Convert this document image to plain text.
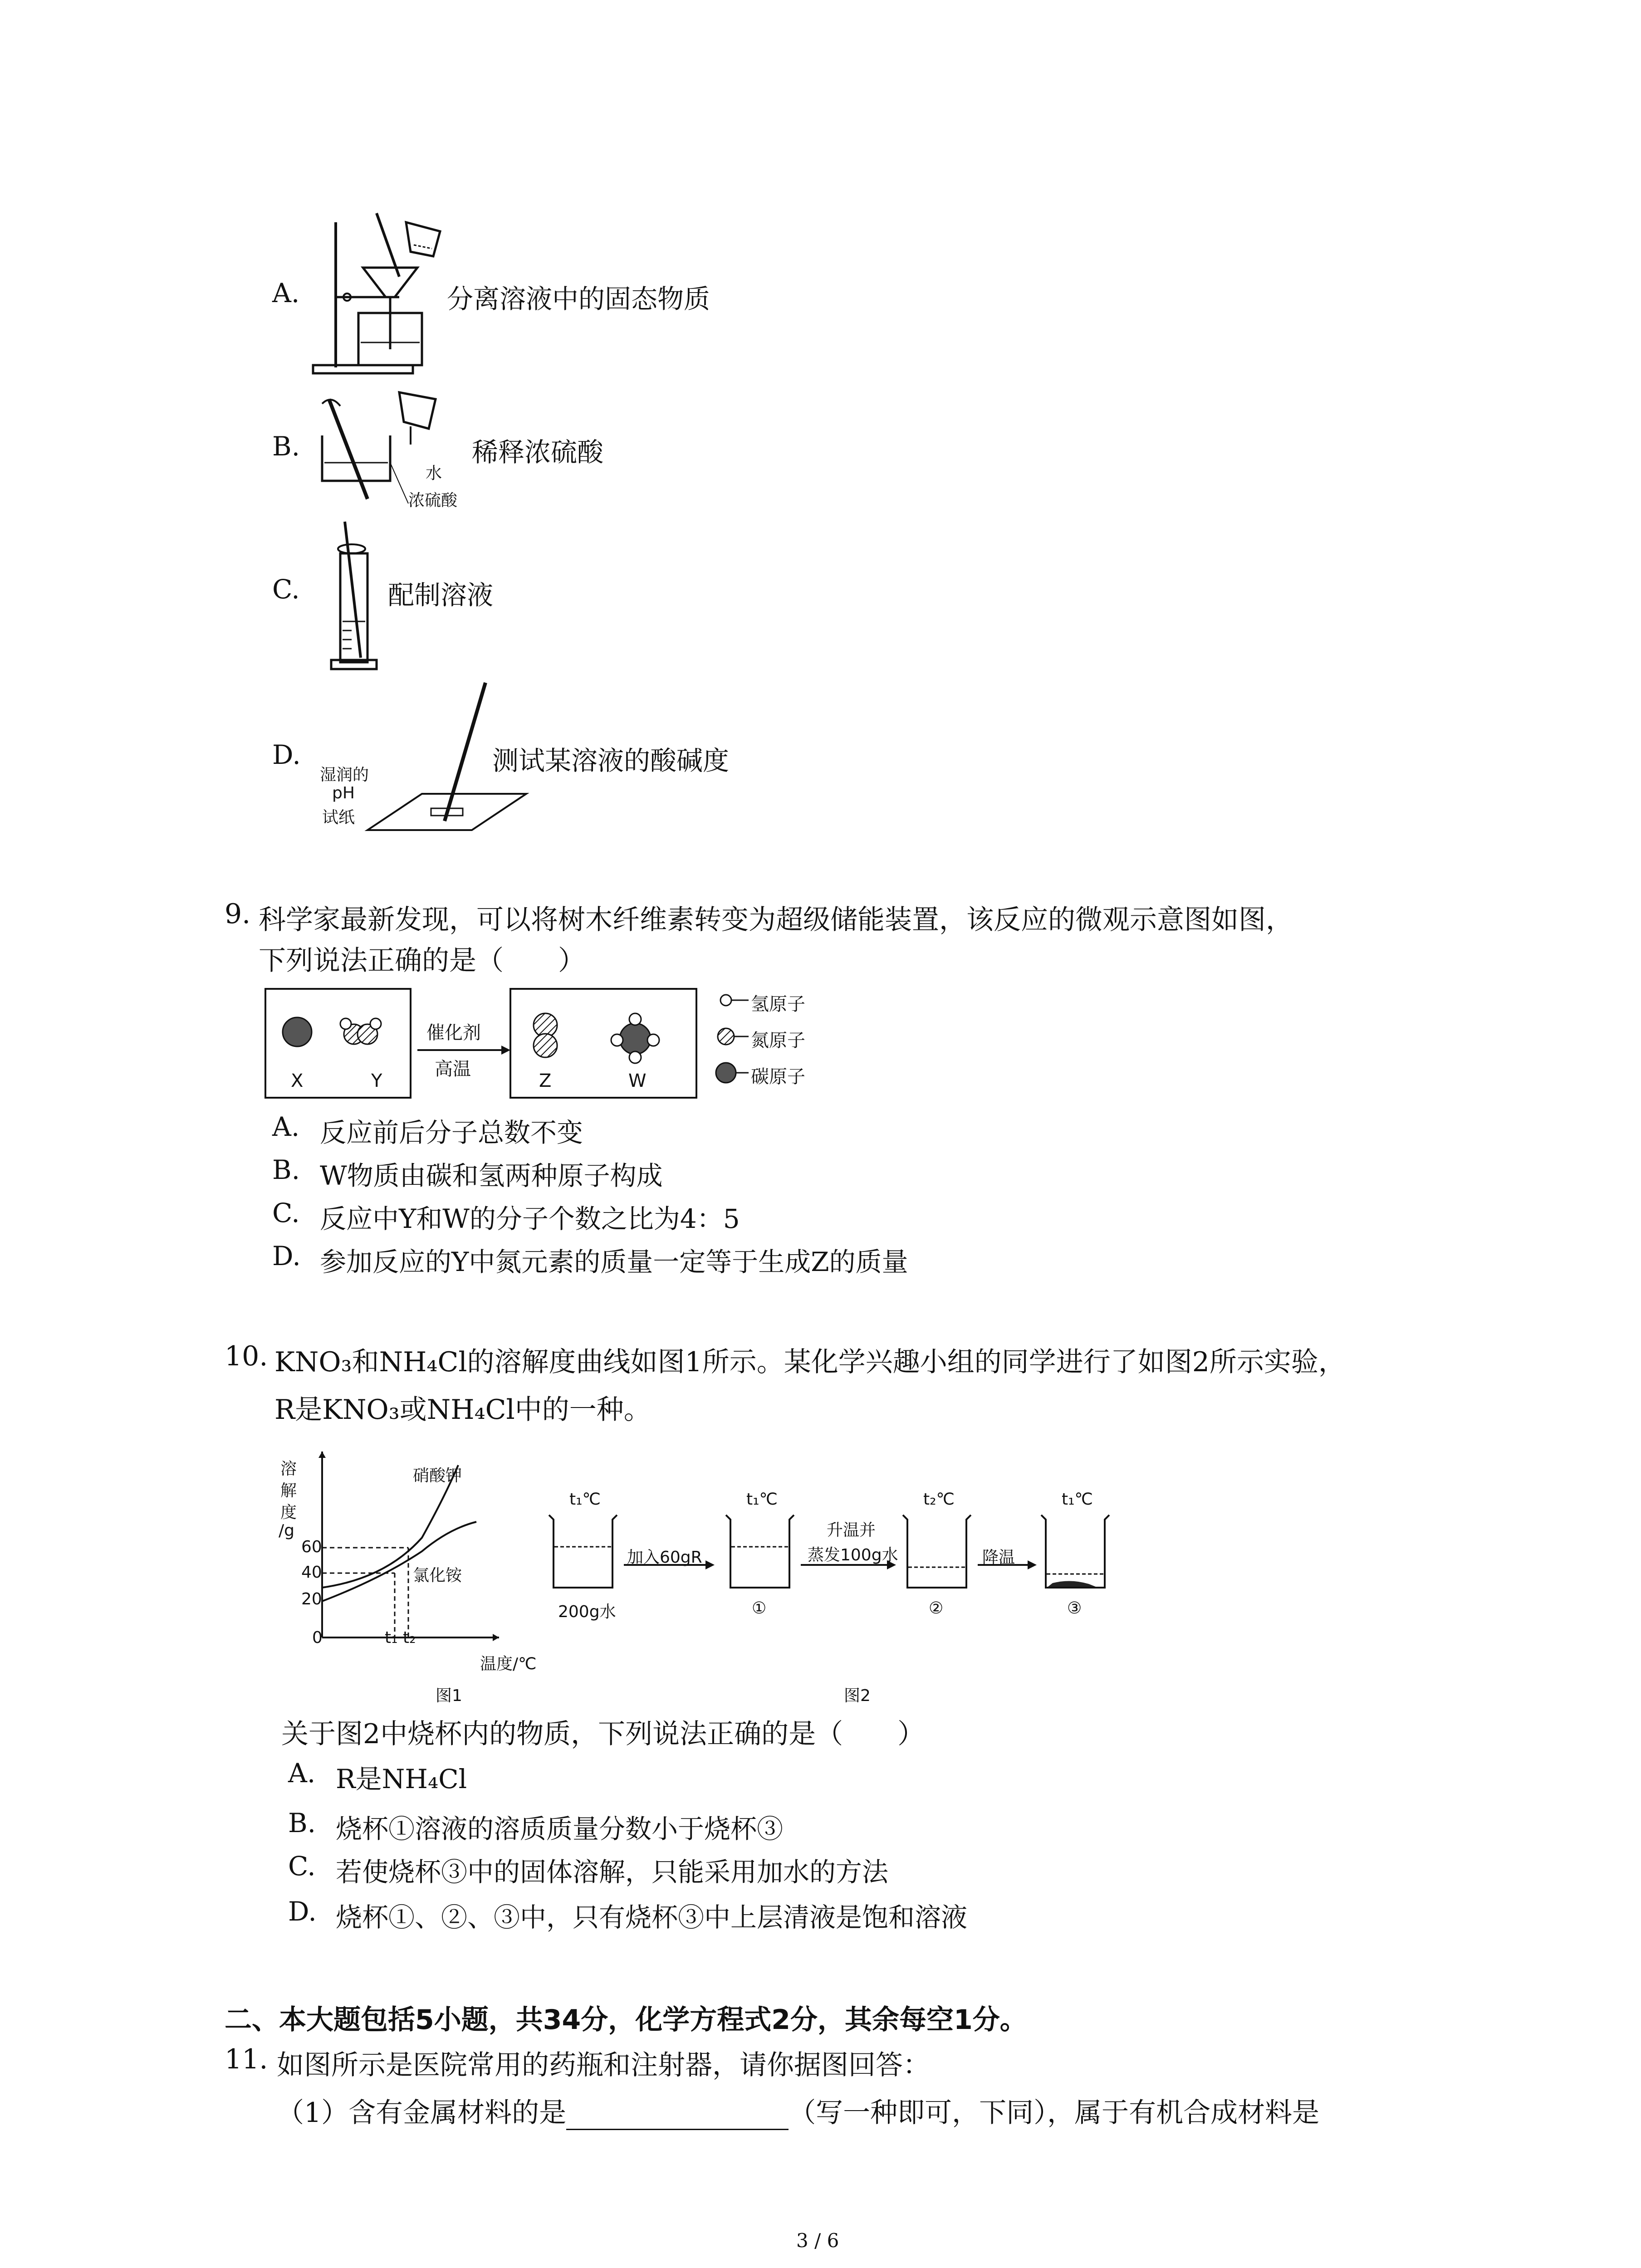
A.	分离溶液中的固态物质
B.	稀释浓硫酸
水
浓硫酸
C.	配制溶液
D.	测试某溶液的酸碱度
湿润的
pH
试纸
9. 科学家最新发现，可以将树木纤维素转变为超级储能装置，该反应的微观示意图如图，
下列说法正确的是（　　）
X	Y	Z	W
催化剂
高温
氢原子
氮原子
碳原子
A. 反应前后分子总数不变
B. W物质由碳和氢两种原子构成
C. 反应中Y和W的分子个数之比为4：5
D. 参加反应的Y中氮元素的质量一定等于生成Z的质量
10. KNO₃和NH₄Cl的溶解度曲线如图1所示。某化学兴趣小组的同学进行了如图2所示实验，
R是KNO₃或NH₄Cl中的一种。
溶
解
度
/g
60
40
20
0
硝酸钾
氯化铵
t₁ t₂
温度/℃
图1
t₁℃	t₁℃	t₂℃	t₁℃
加入60gR
升温并
蒸发100g水	降温
200g水	①	②	③
图2
关于图2中烧杯内的物质，下列说法正确的是（　　）
A. R是NH₄Cl
B. 烧杯①溶液的溶质质量分数小于烧杯③
C. 若使烧杯③中的固体溶解，只能采用加水的方法
D. 烧杯①、②、③中，只有烧杯③中上层清液是饱和溶液
二、本大题包括5小题，共34分，化学方程式2分，其余每空1分。
11. 如图所示是医院常用的药瓶和注射器，请你据图回答：
（1）含有金属材料的是	（写一种即可，下同），属于有机合成材料是
3 / 6
